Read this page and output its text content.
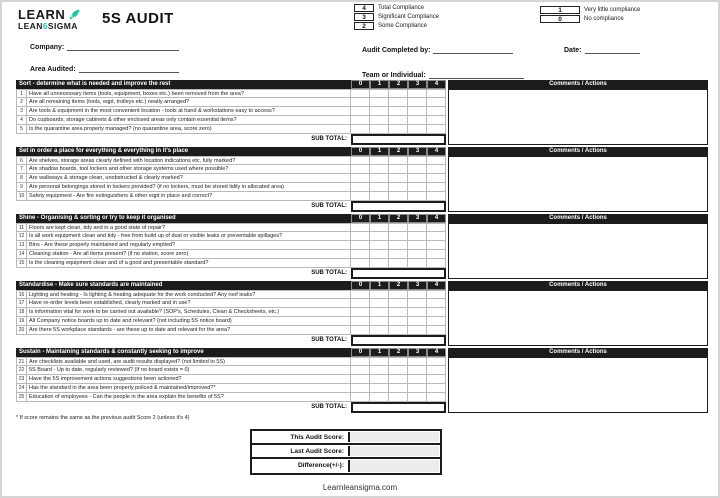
LEARN
LEAN6SIGMA 5S AUDIT
4	Total Compliance
3	Significant Compliance
2	Some Compliance
1	Very little compliance
0	No compliance
Company:
Area Audited:
Audit Completed by:	Date:
Team or Individual:
Sort - determine what is needed and improve the rest	0	1	2	3	4	Comments / Actions
1	Have all unnecessary items (tools, equipment, boxes etc.) been removed from the area?
2	Are all remaining items (tools, eqpt, trolleys etc.) neatly arranged?
3	Are tools & equipment in the most convenient location - tools at hand & workstations easy to access?
4	Do cupboards, storage cabinets & other enclosed areas only contain essential items?
5	Is the quarantine area properly managed? (no quarantine area, score zero)
SUB TOTAL:
Set in order a place for everything & everything in it's place	0	1	2	3	4	Comments / Actions
6	Are shelves, storage areas clearly defined with location indications etc. fully marked?
7	Are shadow boards, tool lockers and other storage systems used where possible?
8	Are walkways & storage clean, unobstructed & clearly marked?
9	Are personal belongings stored in lockers provided? (if no lockers, must be stored tidily in allocated area)
10 Safety equipment - Are fire extinguishers & other eqpt in place and correct?
SUB TOTAL:
Shine - Organising & sorting or try to keep it organised	0	1	2	3	4	Comments / Actions
11 Floors are kept clean, tidy and in a good state of repair?
12 Is all work equipment clean and tidy - free from build up of dust or visible leaks or preventable spillages?
13 Bins - Are these properly maintained and regularly emptied?
14 Cleaning station - Are all items present? (if no station, score zero)
15 Is the cleaning equipment clean and of a good and presentable standard?
SUB TOTAL:
Standardise - Make sure standards are maintained	0	1	2	3	4	Comments / Actions
16 Lighting and heating - Is lighting & heating adequate for the work conducted? Any roof leaks?
17 Have re-order levels been established, clearly marked and in use?
18 Is information vital for work to be carried out available? (SOP's, Schedules, Clean & Checksheets, etc.)
19 All Company notice boards up to date and relevant? (not including 5S notice board)
20 Are there 5S workplace standards - are these up to date and relevant for the area?
SUB TOTAL:
Sustain - Maintaining standards & constantly seeking to improve	0	1	2	3	4	Comments / Actions
21 Are checklists available and used, are audit results displayed? (not limited to 5S)
22 5S Board - Up to date, regularly reviewed? (If no board exists = 0)
23 Have the 5S improvement actions suggestions been actioned?
24 Has the standard in the area been properly policed & maintained/improved?*
25 Education of employees - Can the people in the area explain the benefits of 5S?
SUB TOTAL:
* If score remains the same as the previous audit Score 2 (unless it's 4)
This Audit Score:
Last Audit Score:
Difference(+/-):
Learnleansigma.com
